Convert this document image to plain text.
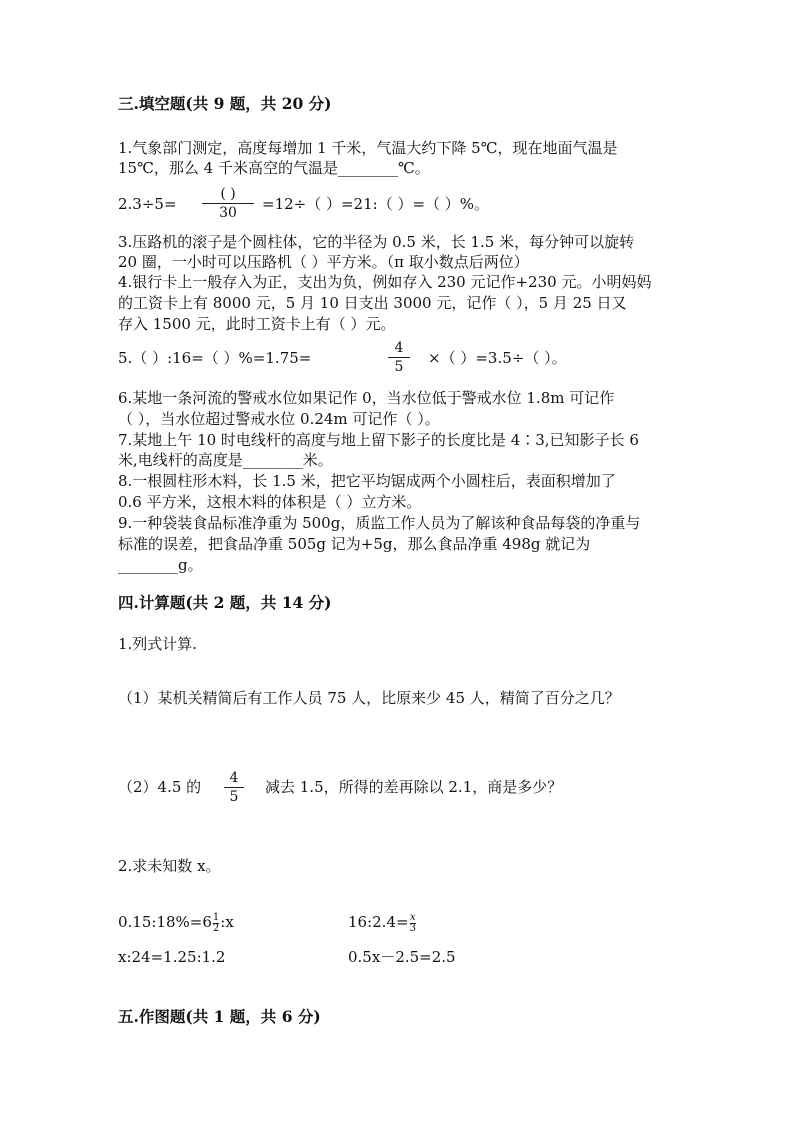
三.填空题(共 9 题，共 20 分)
1.气象部门测定，高度每增加 1 千米，气温大约下降 5℃，现在地面气温是
15℃，那么 4 千米高空的气温是________℃。
2.3÷5=
( )
30	=12÷（ ）=21:（ ）=（ ）%。
3.压路机的滚子是个圆柱体，它的半径为 0.5 米，长 1.5 米，每分钟可以旋转
20 圈，一小时可以压路机（ ）平方米。（π 取小数点后两位）
4.银行卡上一般存入为正，支出为负，例如存入 230 元记作+230 元。小明妈妈
的工资卡上有 8000 元，5 月 10 日支出 3000 元，记作（ ），5 月 25 日又
存入 1500 元，此时工资卡上有（ ）元。
5.（ ）:16=（ ）%=1.75=
4
5	×（ ）=3.5÷（ ）。
6.某地一条河流的警戒水位如果记作 0，当水位低于警戒水位 1.8m 可记作
（ ），当水位超过警戒水位 0.24m 可记作（ ）。
7.某地上午 10 时电线杆的高度与地上留下影子的长度比是 4∶3,已知影子长 6
米,电线杆的高度是________米。
8.一根圆柱形木料，长 1.5 米，把它平均锯成两个小圆柱后，表面积增加了
0.6 平方米，这根木料的体积是（ ）立方米。
9.一种袋装食品标准净重为 500g，质监工作人员为了解该种食品每袋的净重与
标准的误差，把食品净重 505g 记为+5g，那么食品净重 498g 就记为
________g。
四.计算题(共 2 题，共 14 分)
1.列式计算.
（1）某机关精简后有工作人员 75 人，比原来少 45 人，精简了百分之几？
（2）4.5 的	4
5
减去 1.5，所得的差再除以 2.1，商是多少？
2.求未知数 x。
0.15:18%=6 $\frac{1}{2}$ :x	16:2.4= $\frac{x}{3}$
x:24=1.25:1.2	0.5x－2.5=2.5
五.作图题(共 1 题，共 6 分)
